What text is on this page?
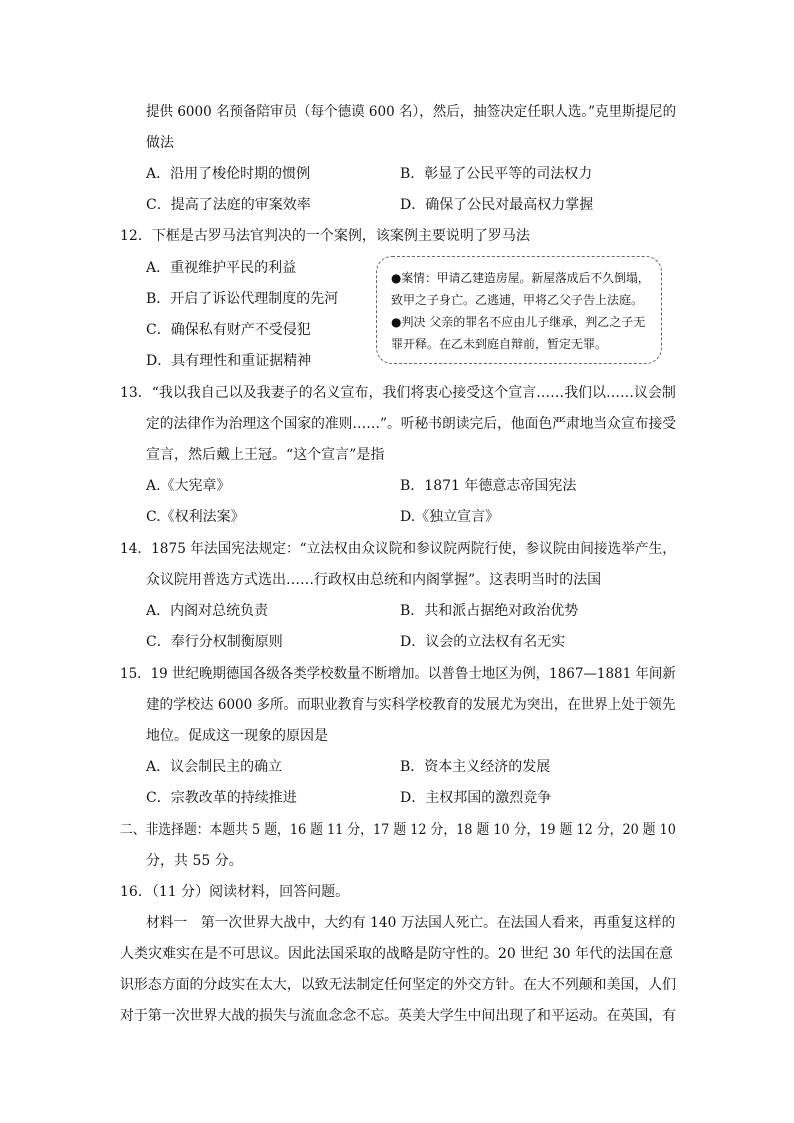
提供 6000 名预备陪审员（每个德谟 600 名），然后，抽签决定任职人选。”克里斯提尼的
做法
A．沿用了梭伦时期的惯例	B．彰显了公民平等的司法权力
C．提高了法庭的审案效率	D．确保了公民对最高权力掌握
12．下框是古罗马法官判决的一个案例，该案例主要说明了罗马法
A．重视维护平民的利益
B．开启了诉讼代理制度的先河
C．确保私有财产不受侵犯
D．具有理性和重证据精神

●案情：甲请乙建造房屋。新屋落成后不久倒塌，

致甲之子身亡。乙逃逋，甲将乙父子告上法庭。

●判决 父亲的罪名不应由儿子继承，判乙之子无

罪开释。在乙未到庭自辩前，暂定无罪。

13．“我以我自己以及我妻子的名义宣布，我们将衷心接受这个宣言……我们以……议会制
定的法律作为治理这个国家的准则……”。听秘书朗读完后，他面色严肃地当众宣布接受
宣言，然后戴上王冠。“这个宣言”是指
A.《大宪章》	B．1871 年德意志帝国宪法
C.《权利法案》	D.《独立宣言》
14．1875 年法国宪法规定：“立法权由众议院和参议院两院行使，参议院由间接选举产生，
众议院用普选方式选出……行政权由总统和内阁掌握”。这表明当时的法国
A．内阁对总统负责	B．共和派占据绝对政治优势
C．奉行分权制衡原则	D．议会的立法权有名无实
15．19 世纪晚期德国各级各类学校数量不断增加。以普鲁士地区为例，1867—1881 年间新
建的学校达 6000 多所。而职业教育与实科学校教育的发展尤为突出，在世界上处于领先
地位。促成这一现象的原因是
A．议会制民主的确立	B．资本主义经济的发展
C．宗教改革的持续推进	D．主权邦国的激烈竞争
二、非选择题：本题共 5 题，16 题 11 分，17 题 12 分，18 题 10 分，19 题 12 分，20 题 10
分，共 55 分。
16．（11 分）阅读材料，回答问题。
材料一　第一次世界大战中，大约有 140 万法国人死亡。在法国人看来，再重复这样的
人类灾难实在是不可思议。因此法国采取的战略是防守性的。20 世纪 30 年代的法国在意
识形态方面的分歧实在太大，以致无法制定任何坚定的外交方针。在大不列颠和美国，人们
对于第一次世界大战的损失与流血念念不忘。英美大学生中间出现了和平运动。在英国，有
